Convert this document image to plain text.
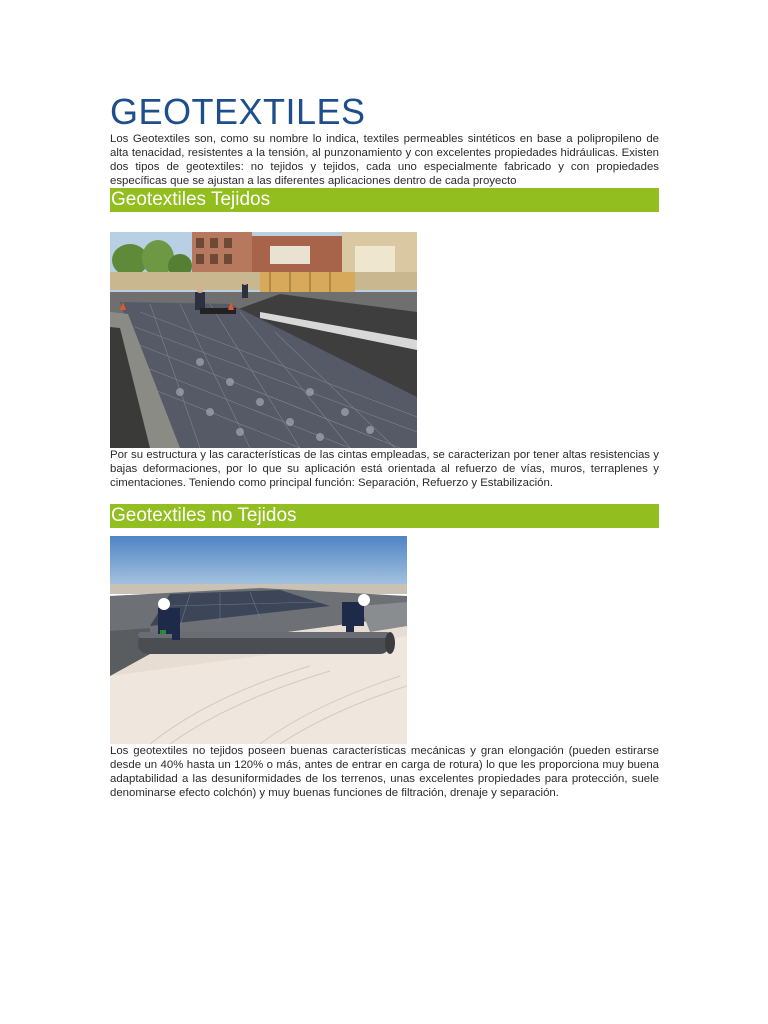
GEOTEXTILES

Los Geotextiles son, como su nombre lo indica, textiles permeables sintéticos en base a polipropileno de alta tenacidad, resistentes a la tensión, al punzonamiento y con excelentes propiedades hidráulicas. Existen dos tipos de geotextiles: no tejidos y tejidos, cada uno especialmente fabricado y con propiedades específicas que se ajustan a las diferentes aplicaciones dentro de cada proyecto

Geotextiles Tejidos

Por su estructura y las características de las cintas empleadas, se caracterizan por tener altas resistencias y bajas deformaciones, por lo que su aplicación está orientada al refuerzo de vías, muros, terraplenes y cimentaciones. Teniendo como principal función: Separación, Refuerzo y Estabilización.

Geotextiles no Tejidos

Los geotextiles no tejidos poseen buenas características mecánicas y gran elongación (pueden estirarse desde un 40% hasta un 120% o más, antes de entrar en carga de rotura) lo que les proporciona muy buena adaptabilidad a las desuniformidades de los terrenos, unas excelentes propiedades para protección, suele denominarse efecto colchón) y muy buenas funciones de filtración, drenaje y separación.
